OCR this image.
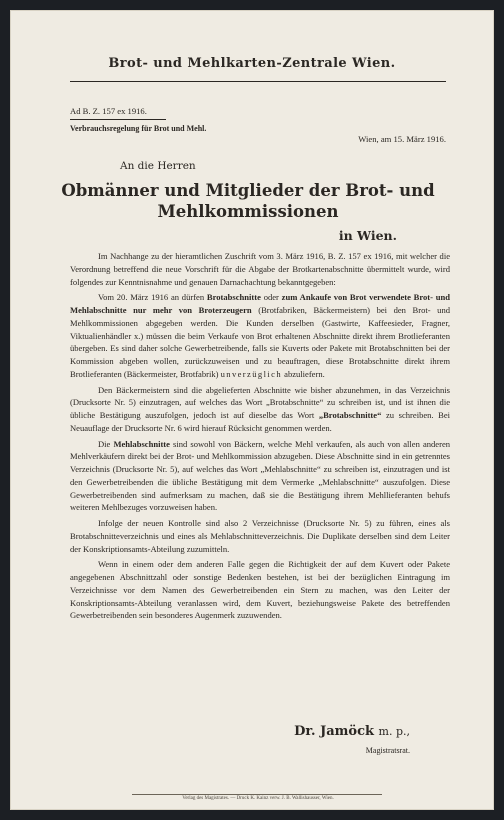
Brot- und Mehlkarten-Zentrale Wien.
Ad B. Z. 157 ex 1916.
Verbrauchsregelung für Brot und Mehl.
Wien, am 15. März 1916.
An die Herren
Obmänner und Mitglieder der Brot- und Mehlkommissionen
in Wien.

Im Nachhange zu der hieramtlichen Zuschrift vom 3. März 1916, B. Z. 157 ex 1916, mit welcher die Verordnung betreffend die neue Vorschrift für die Abgabe der Brotkartenabschnitte übermittelt wurde, wird folgendes zur Kenntnisnahme und genauen Darnachachtung bekanntgegeben:

Vom 20. März 1916 an dürfen Brotabschnitte oder zum Ankaufe von Brot verwendete Brot- und Mehlabschnitte nur mehr von Broterzeugern (Brotfabriken, Bäckermeistern) bei den Brot- und Mehlkommissionen abgegeben werden. Die Kunden derselben (Gastwirte, Kaffeesieder, Fragner, Viktualienhändler x.) müssen die beim Verkaufe von Brot erhaltenen Abschnitte direkt ihrem Brotlieferanten übergeben. Es sind daher solche Gewerbetreibende, falls sie Kuverts oder Pakete mit Brotabschnitten bei der Kommission abgeben wollen, zurückzuweisen und zu beauftragen, diese Brotabschnitte direkt ihrem Brotlieferanten (Bäckermeister, Brotfabrik) unverzüglich abzuliefern.

Den Bäckermeistern sind die abgelieferten Abschnitte wie bisher abzunehmen, in das Verzeichnis (Drucksorte Nr. 5) einzutragen, auf welches das Wort „Brotabschnitte“ zu schreiben ist, und ist ihnen die übliche Bestätigung auszufolgen, jedoch ist auf dieselbe das Wort „Brotabschnitte“ zu schreiben. Bei Neuauflage der Drucksorte Nr. 6 wird hierauf Rücksicht genommen werden.

Die Mehlabschnitte sind sowohl von Bäckern, welche Mehl verkaufen, als auch von allen anderen Mehlverkäufern direkt bei der Brot- und Mehlkommission abzugeben. Diese Abschnitte sind in ein getrenntes Verzeichnis (Drucksorte Nr. 5), auf welches das Wort „Mehlabschnitte“ zu schreiben ist, einzutragen und ist den Gewerbetreibenden die übliche Bestätigung mit dem Vermerke „Mehlabschnitte“ auszufolgen. Diese Gewerbetreibenden sind aufmerksam zu machen, daß sie die Bestätigung ihrem Mehllieferanten behufs weiteren Mehlbezuges vorzuweisen haben.

Infolge der neuen Kontrolle sind also 2 Verzeichnisse (Drucksorte Nr. 5) zu führen, eines als Brotabschnitteverzeichnis und eines als Mehlabschnitteverzeichnis. Die Duplikate derselben sind dem Leiter der Konskriptionsamts-Abteilung zuzumitteln.

Wenn in einem oder dem anderen Falle gegen die Richtigkeit der auf dem Kuvert oder Pakete angegebenen Abschnittzahl oder sonstige Bedenken bestehen, ist bei der bezüglichen Eintragung im Verzeichnisse vor dem Namen des Gewerbetreibenden ein Stern zu machen, was den Leiter der Konskriptionsamts-Abteilung veranlassen wird, dem Kuvert, beziehungsweise Pakete des betreffenden Gewerbetreibenden sein besonderes Augenmerk zuzuwenden.

Dr. Jamöck m. p.,
Magistratsrat.
Verlag des Magistrates. — Druck K. Kainz verw. J. B. Wallishausser, Wien.
